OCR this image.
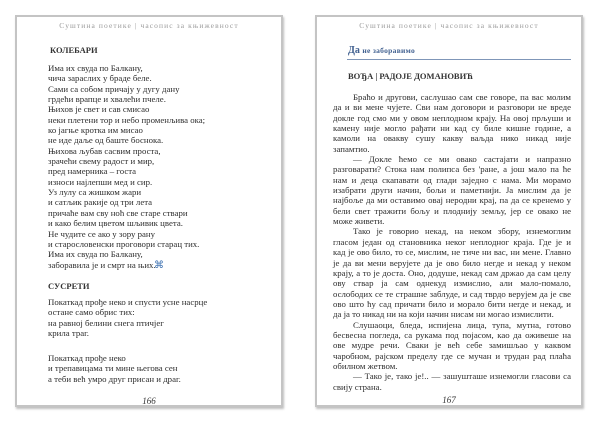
Суштина поетике | часопис за књижевност
КОЛЕБАРИ
Има их свуда по Балкану,
чича зараслих у браде беле.
Сами са собом причају у дугу дану
грдећи врапце и хвалећи пчеле.
Њихов је свет и сав смисао
неки плетени тор и небо променљива ока;
ко јагње кротка им мисао
не иде даље од баште боснока.
Њихова љубав сасвим проста,
зрачећи свему радост и мир,
пред намерника – госта
износи најлепши мед и сир.
Уз лулу са жишком жари
и сатљик ракије од три лета
причаће вам сву ноћ све старе ствари
и како белим цветом шљивик цвета.
Не чудите се ако у зору рану
и старословенски проговори старац тих.
Има их свуда по Балкану,
заборавила је и смрт на њих.
⌘
СУСРЕТИ
Покаткад прође неко и спусти усне насрце
остане само обрис тих:
на равној белини снега птичјег
крила траг.
Покаткад прође неко
и трепавицама ти мине његова сен
а теби већ умро друг присан и драг.
166
Суштина поетике | часопис за књижевност
Да не заборавимо
ВОЂА | РАДОЈЕ ДОМАНОВИЋ
Браћо и другови, саслушао сам све говоре, па вас молим
да и ви мене чујете. Сви нам договори и разговори не вреде
докле год смо ми у овом неплодном крају. На овој прљуши и
камену није могло рађати ни кад су биле кишне године, а
камоли на овакву сушу какву ваљда нико никад није
запамтио.
— Докле ћемо се ми овако састајати и напразно
разговарати? Стока нам полипса без 'ране, а још мало па ће
нам и деца скапавати од глади заједно с нама. Ми морамо
изабрати други начин, бољи и паметнији. Ја мислим да је
најбоље да ми оставимо овај неродни крај, па да се кренемо у
бели свет тражити бољу и плоднију земљу, јер се овако не
може живети.
Тако је говорио некад, на неком збору, изнемоглим
гласом један од становника неког неплодног краја. Где је и
кад је ово било, то се, мислим, не тиче ни вас, ни мене. Главно
је да ви мени верујете да је ово било негде и некад у неком
крају, а то је доста. Оно, додуше, некад сам држао да сам целу
ову ствар ја сам однекуд измислио, али мало-помало,
ослободих се те страшне заблуде, и сад тврдо верујем да је све
ово што ћу сад причати било и морало бити негде и некад, и
да ја то никад ни на који начин нисам ни могао измислити.
Слушаоци, бледа, испијена лица, тупа, мутна, готово
бесвесна погледа, са рукама под појасом, као да оживеше на
ове мудре речи. Сваки је већ себе замишљао у каквом
чаробном, рајском пределу где се мучан и трудан рад плаћа
обилном жетвом.
— Тако је, тако је!.. — зашушташе изнемогли гласови са
свију страна.
167
